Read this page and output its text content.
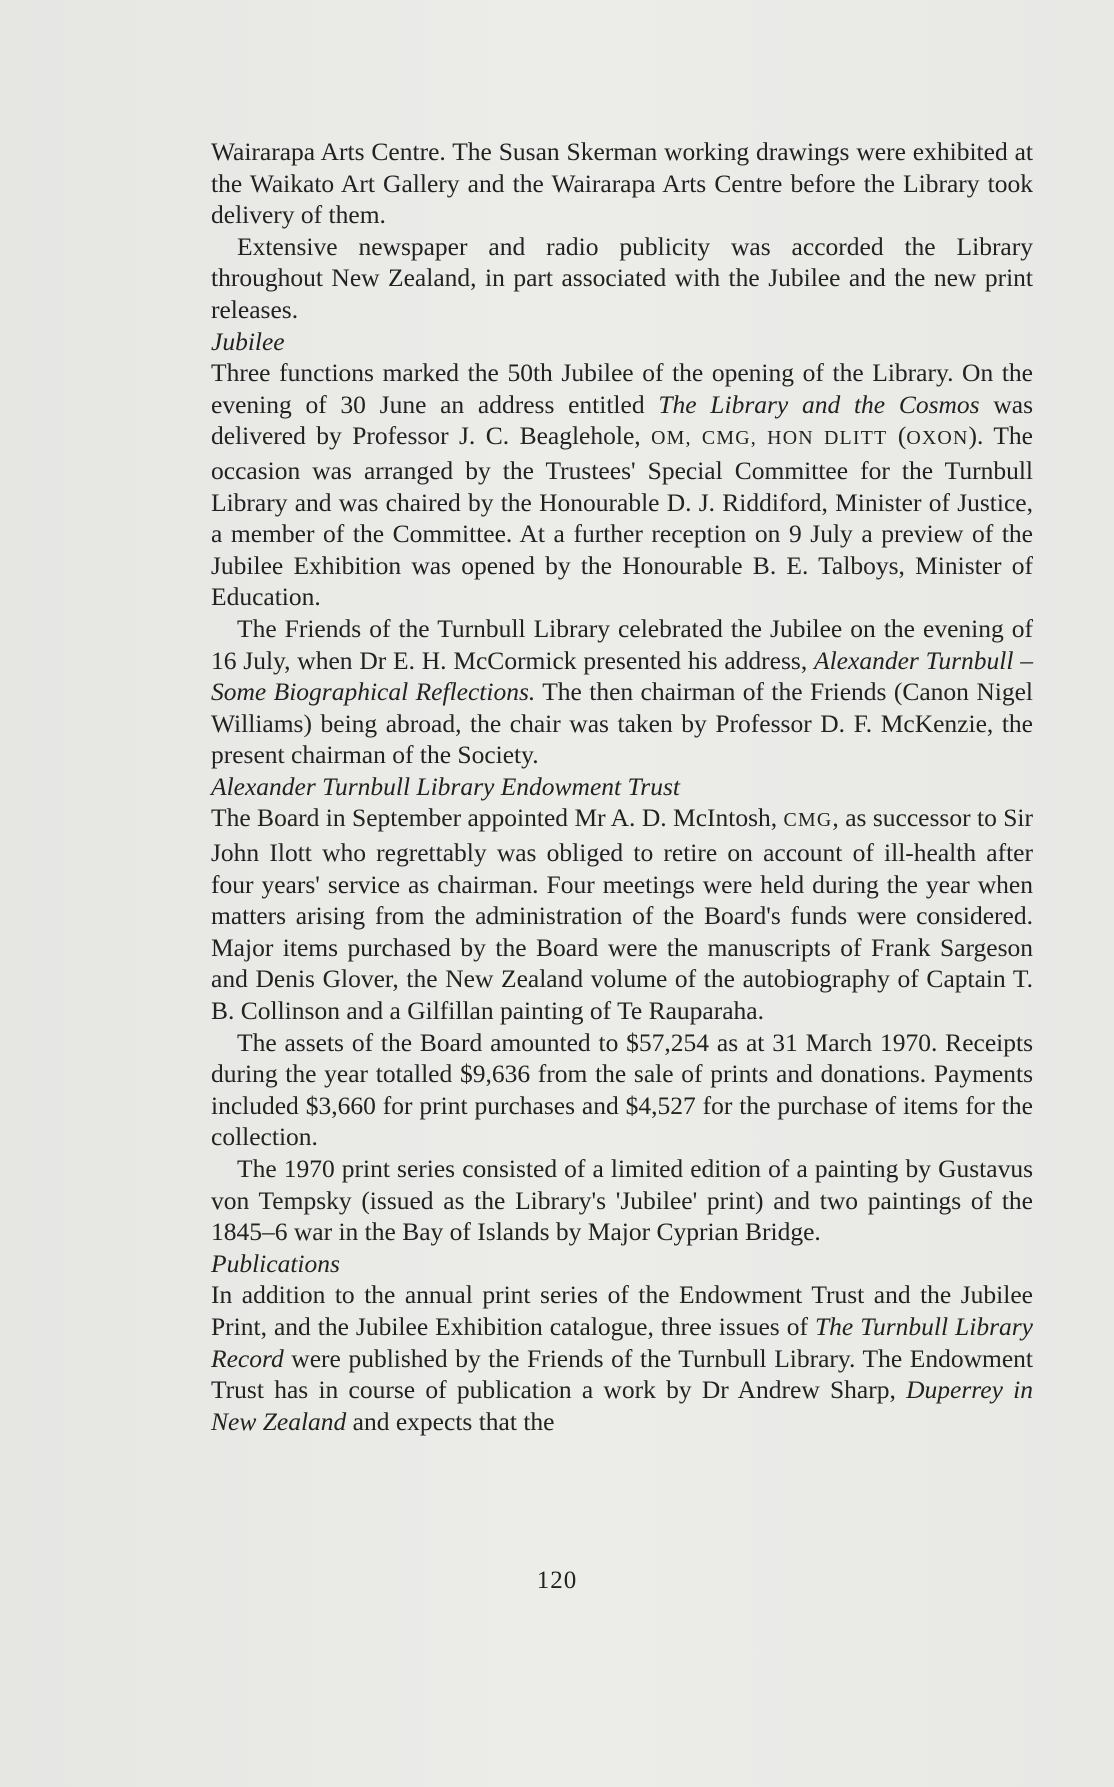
Wairarapa Arts Centre. The Susan Skerman working drawings were exhibited at the Waikato Art Gallery and the Wairarapa Arts Centre before the Library took delivery of them.

Extensive newspaper and radio publicity was accorded the Library throughout New Zealand, in part associated with the Jubilee and the new print releases.

Jubilee

Three functions marked the 50th Jubilee of the opening of the Library. On the evening of 30 June an address entitled The Library and the Cosmos was delivered by Professor J. C. Beaglehole, OM, CMG, HON DLITT (OXON). The occasion was arranged by the Trustees' Special Committee for the Turnbull Library and was chaired by the Honourable D. J. Riddiford, Minister of Justice, a member of the Committee. At a further reception on 9 July a preview of the Jubilee Exhibition was opened by the Honourable B. E. Talboys, Minister of Education.

The Friends of the Turnbull Library celebrated the Jubilee on the evening of 16 July, when Dr E. H. McCormick presented his address, Alexander Turnbull – Some Biographical Reflections. The then chairman of the Friends (Canon Nigel Williams) being abroad, the chair was taken by Professor D. F. McKenzie, the present chairman of the Society.

Alexander Turnbull Library Endowment Trust

The Board in September appointed Mr A. D. McIntosh, CMG, as successor to Sir John Ilott who regrettably was obliged to retire on account of ill-health after four years' service as chairman. Four meetings were held during the year when matters arising from the administration of the Board's funds were considered. Major items purchased by the Board were the manuscripts of Frank Sargeson and Denis Glover, the New Zealand volume of the autobiography of Captain T. B. Collinson and a Gilfillan painting of Te Rauparaha.

The assets of the Board amounted to $57,254 as at 31 March 1970. Receipts during the year totalled $9,636 from the sale of prints and donations. Payments included $3,660 for print purchases and $4,527 for the purchase of items for the collection.

The 1970 print series consisted of a limited edition of a painting by Gustavus von Tempsky (issued as the Library's 'Jubilee' print) and two paintings of the 1845–6 war in the Bay of Islands by Major Cyprian Bridge.

Publications

In addition to the annual print series of the Endowment Trust and the Jubilee Print, and the Jubilee Exhibition catalogue, three issues of The Turnbull Library Record were published by the Friends of the Turnbull Library. The Endowment Trust has in course of publication a work by Dr Andrew Sharp, Duperrey in New Zealand and expects that the

120
